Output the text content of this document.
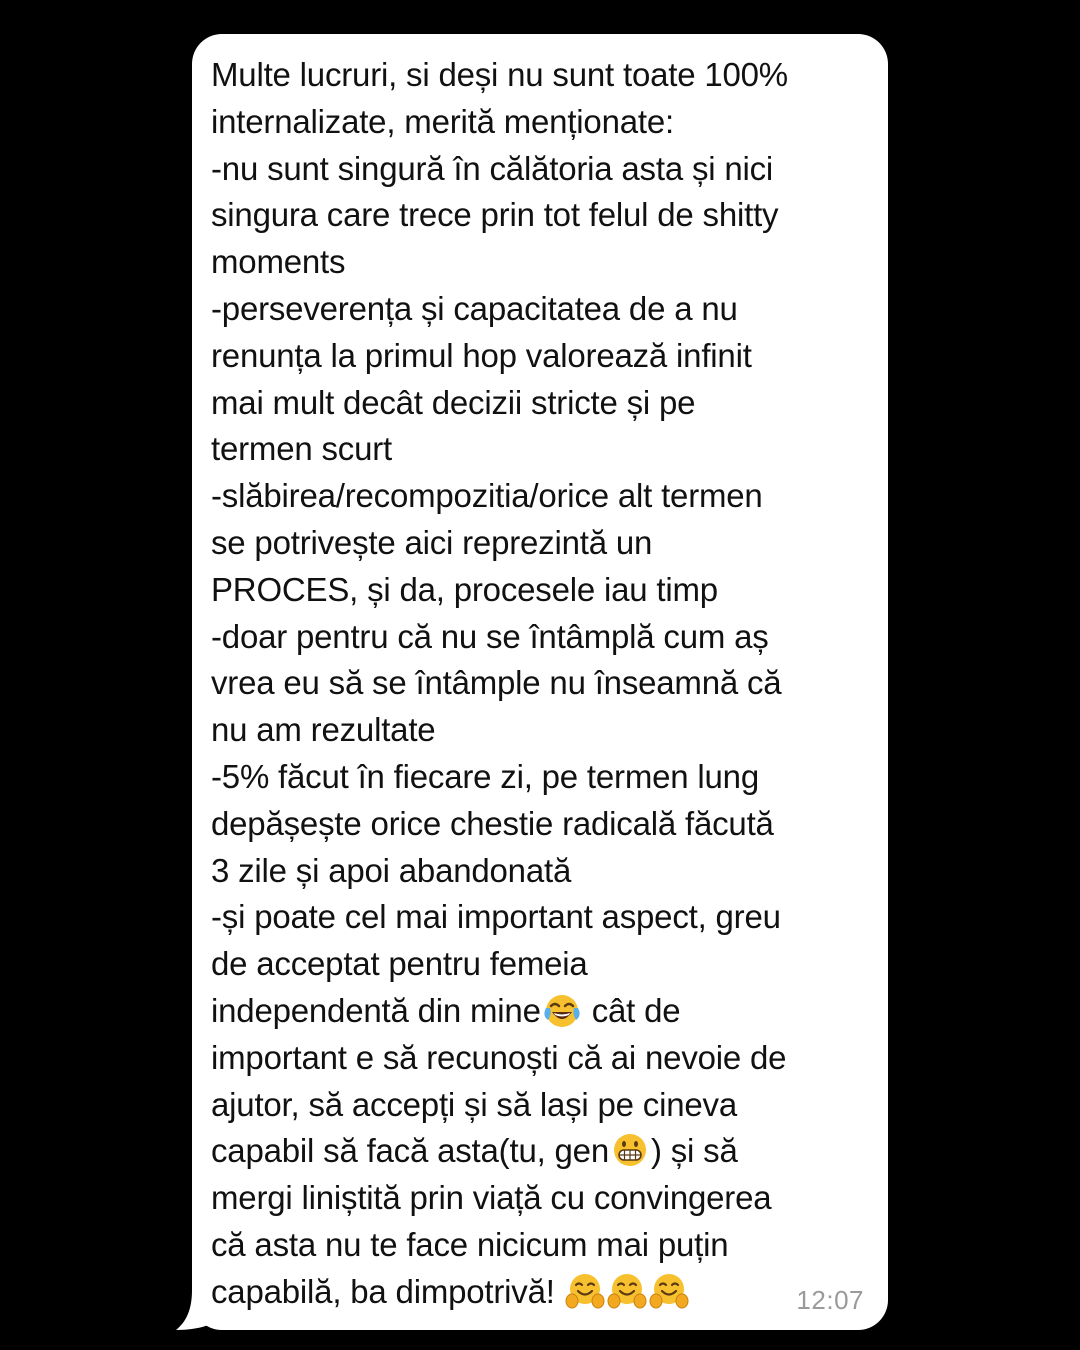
Multe lucruri, si deși nu sunt toate 100%
internalizate, merită menționate:
-nu sunt singură în călătoria asta și nici
singura care trece prin tot felul de shitty
moments
-perseverența și capacitatea de a nu
renunța la primul hop valorează infinit
mai mult decât decizii stricte și pe
termen scurt
-slăbirea/recompozitia/orice alt termen
se potrivește aici reprezintă un
PROCES, și da, procesele iau timp
-doar pentru că nu se întâmplă cum aș
vrea eu să se întâmple nu înseamnă că
nu am rezultate
-5% făcut în fiecare zi, pe termen lung
depășește orice chestie radicală făcută
3 zile și apoi abandonată
-și poate cel mai important aspect, greu
de acceptat pentru femeia
independentă din mine
cât de
important e să recunoști că ai nevoie de
ajutor, să accepți și să lași pe cineva
capabil să facă asta(tu, gen ) și să
mergi liniștită prin viață cu convingerea
că asta nu te face nicicum mai puțin
capabilă, ba dimpotrivă!	12:07
